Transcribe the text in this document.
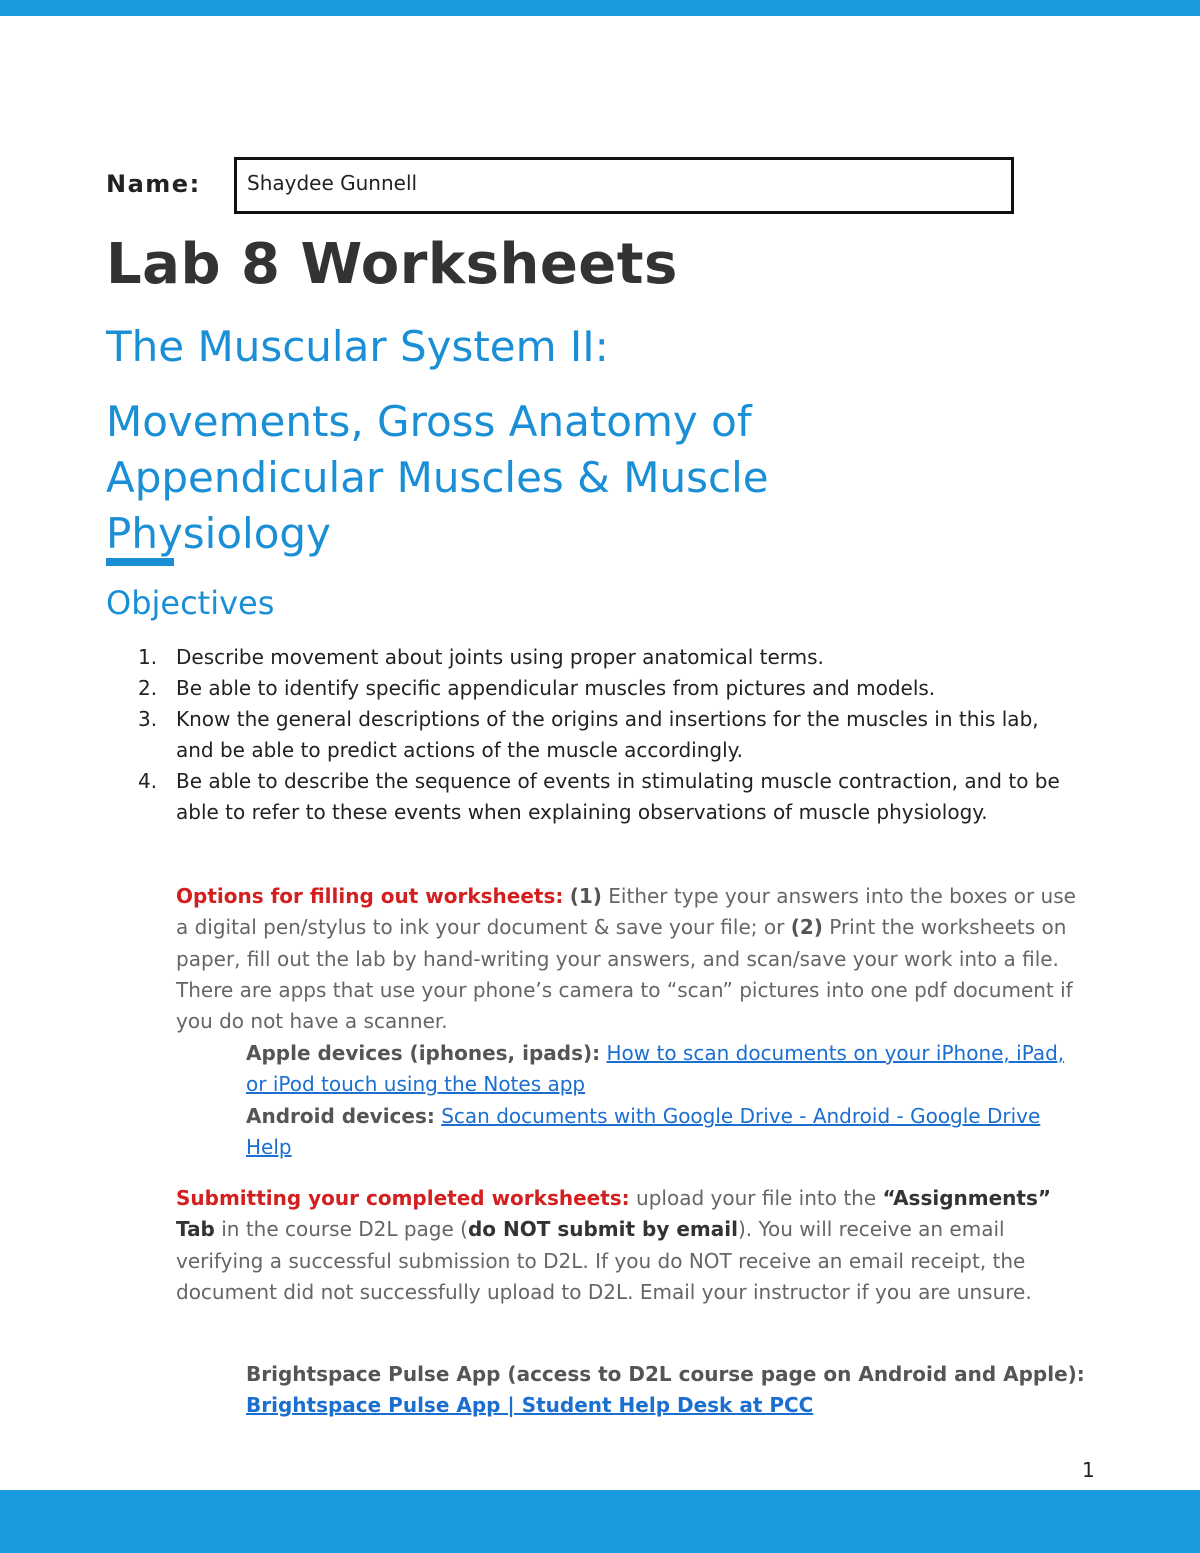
Name: Shaydee Gunnell
Lab 8 Worksheets
The Muscular System II:
Movements, Gross Anatomy of Appendicular Muscles & Muscle Physiology
Objectives
1. Describe movement about joints using proper anatomical terms.
2. Be able to identify specific appendicular muscles from pictures and models.
3. Know the general descriptions of the origins and insertions for the muscles in this lab, and be able to predict actions of the muscle accordingly.
4. Be able to describe the sequence of events in stimulating muscle contraction, and to be able to refer to these events when explaining observations of muscle physiology.
Options for filling out worksheets: (1) Either type your answers into the boxes or use a digital pen/stylus to ink your document & save your file; or (2) Print the worksheets on paper, fill out the lab by hand-writing your answers, and scan/save your work into a file. There are apps that use your phone’s camera to “scan” pictures into one pdf document if you do not have a scanner.
Apple devices (iphones, ipads): How to scan documents on your iPhone, iPad, or iPod touch using the Notes app
Android devices: Scan documents with Google Drive - Android - Google Drive Help
Submitting your completed worksheets: upload your file into the “Assignments” Tab in the course D2L page (do NOT submit by email). You will receive an email verifying a successful submission to D2L. If you do NOT receive an email receipt, the document did not successfully upload to D2L. Email your instructor if you are unsure.
Brightspace Pulse App (access to D2L course page on Android and Apple): Brightspace Pulse App | Student Help Desk at PCC
1
